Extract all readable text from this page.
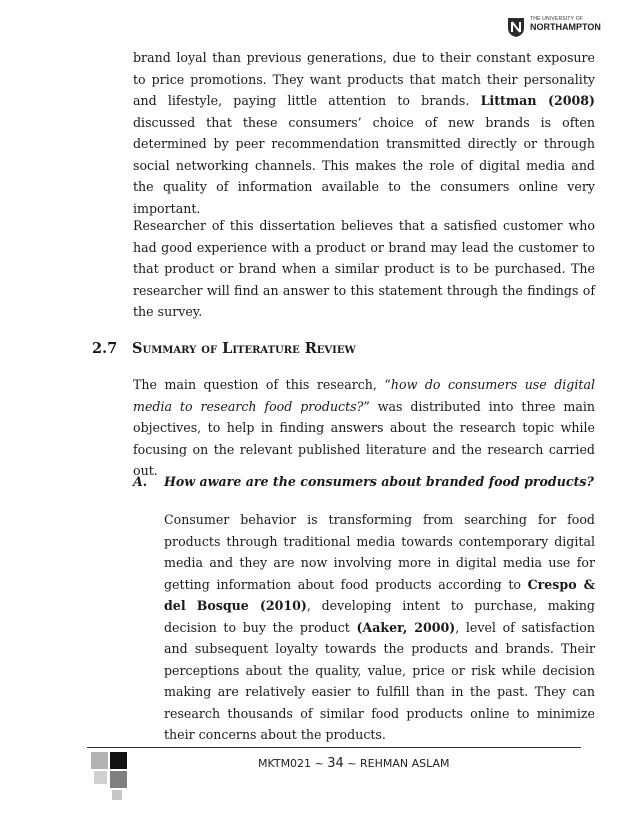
THE UNIVERSITY OF
NORTHAMPTON

brand loyal than previous generations, due to their constant exposure to price promotions. They want products that match their personality and lifestyle, paying little attention to brands. Littman (2008) discussed that these consumers’ choice of new brands is often determined by peer recommendation transmitted directly or through social networking channels. This makes the role of digital media and the quality of information available to the consumers online very important.

Researcher of this dissertation believes that a satisfied customer who had good experience with a product or brand may lead the customer to that product or brand when a similar product is to be purchased. The researcher will find an answer to this statement through the findings of the survey.

2.7 Summary of Literature Review

The main question of this research, “how do consumers use digital media to research food products?” was distributed into three main objectives, to help in finding answers about the research topic while focusing on the relevant published literature and the research carried out.

A. How aware are the consumers about branded food products?

Consumer behavior is transforming from searching for food products through traditional media towards contemporary digital media and they are now involving more in digital media use for getting information about food products according to Crespo & del Bosque (2010), developing intent to purchase, making decision to buy the product (Aaker, 2000), level of satisfaction and subsequent loyalty towards the products and brands. Their perceptions about the quality, value, price or risk while decision making are relatively easier to fulfill than in the past. They can research thousands of similar food products online to minimize their concerns about the products.

MKTM021 ~ 34 ~ REHMAN ASLAM
